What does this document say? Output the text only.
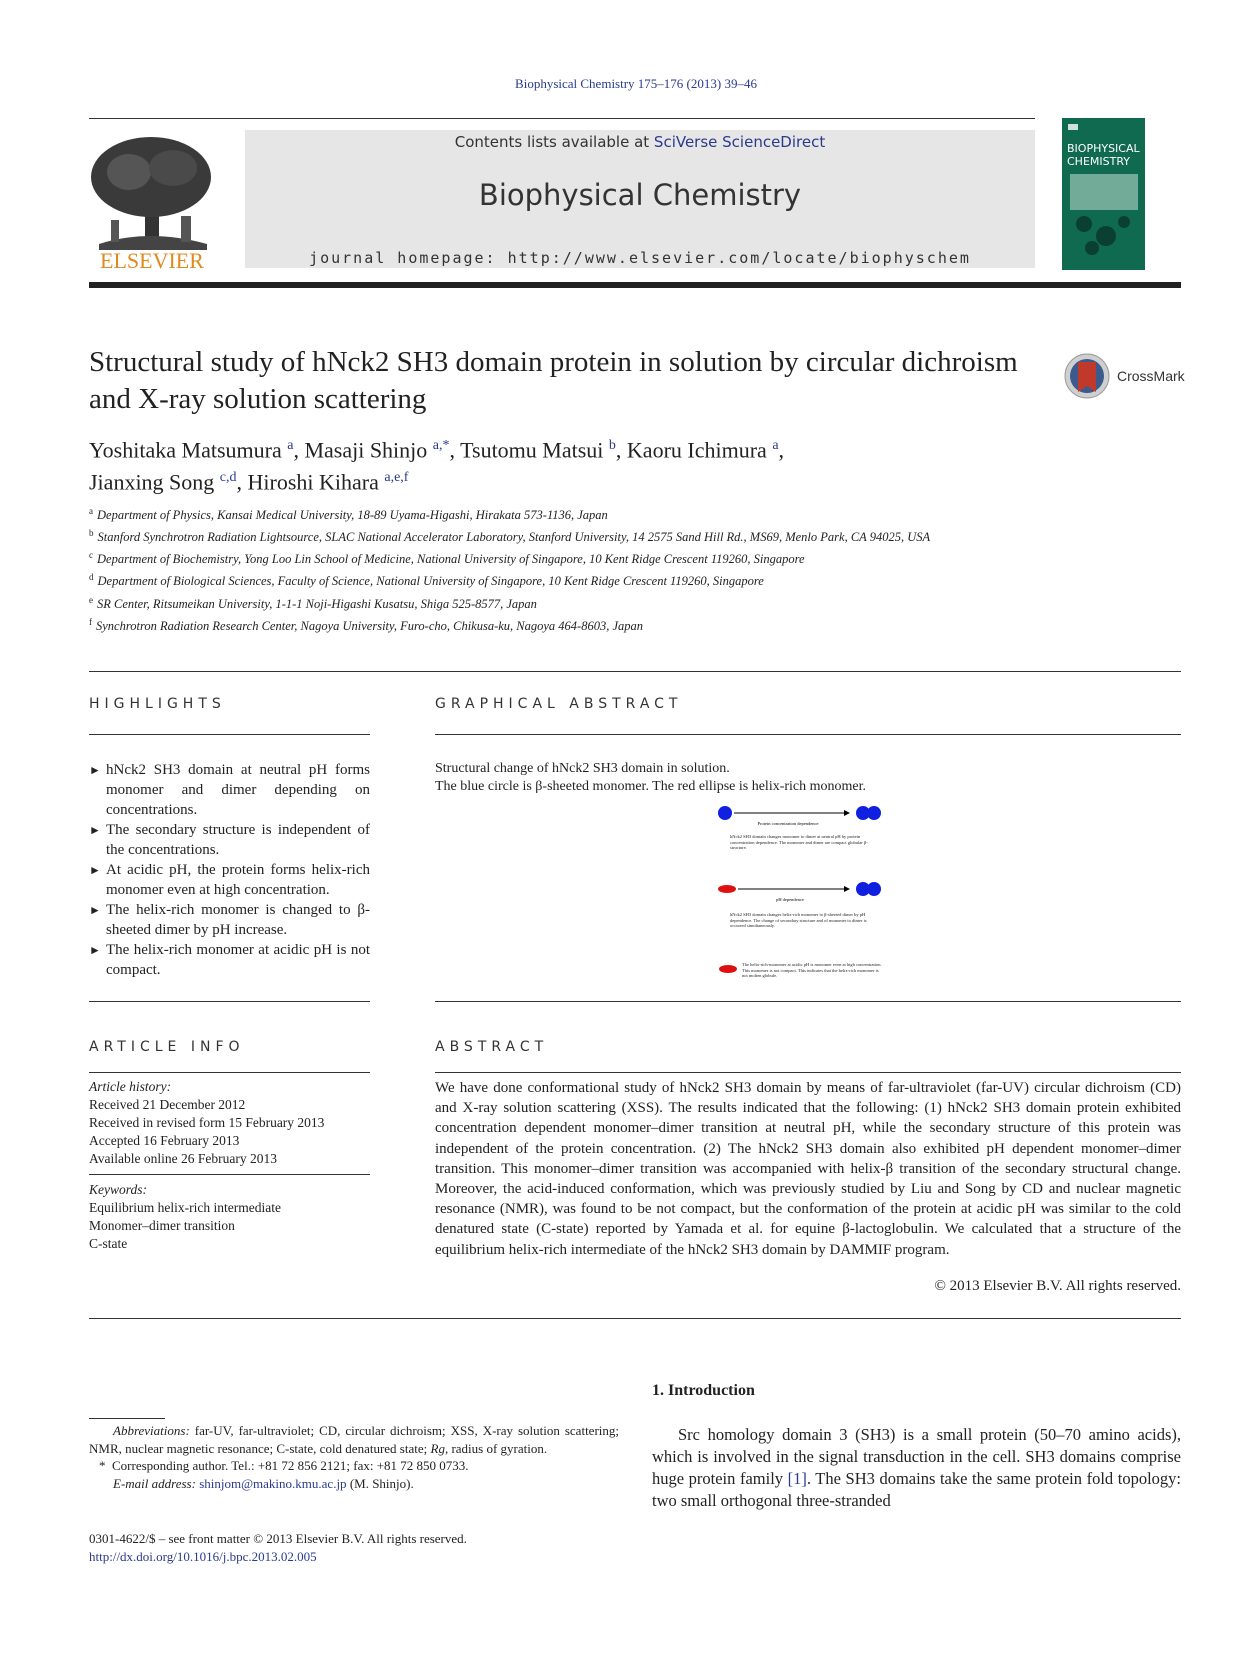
Biophysical Chemistry 175–176 (2013) 39–46
ELSEVIER
Contents lists available at SciVerse ScienceDirect
Biophysical Chemistry
journal homepage: http://www.elsevier.com/locate/biophyschem
BIOPHYSICAL CHEMISTRY
Structural study of hNck2 SH3 domain protein in solution by circular dichroism and X-ray solution scattering
CrossMark
Yoshitaka Matsumura $^a$, Masaji Shinjo $^{a,*}$, Tsutomu Matsui $^b$, Kaoru Ichimura $^a$,
Jianxing Song $^{c,d}$, Hiroshi Kihara $^{a,e,f}$
$^a$ Department of Physics, Kansai Medical University, 18-89 Uyama-Higashi, Hirakata 573-1136, Japan
$^b$ Stanford Synchrotron Radiation Lightsource, SLAC National Accelerator Laboratory, Stanford University, 14 2575 Sand Hill Rd., MS69, Menlo Park, CA 94025, USA
$^c$ Department of Biochemistry, Yong Loo Lin School of Medicine, National University of Singapore, 10 Kent Ridge Crescent 119260, Singapore
$^d$ Department of Biological Sciences, Faculty of Science, National University of Singapore, 10 Kent Ridge Crescent 119260, Singapore
$^e$ SR Center, Ritsumeikan University, 1-1-1 Noji-Higashi Kusatsu, Shiga 525-8577, Japan
$^f$ Synchrotron Radiation Research Center, Nagoya University, Furo-cho, Chikusa-ku, Nagoya 464-8603, Japan
HIGHLIGHTS	GRAPHICAL ABSTRACT
► hNck2 SH3 domain at neutral pH forms monomer and dimer depending on concentrations.
► The secondary structure is independent of the concentrations.
► At acidic pH, the protein forms helix-rich monomer even at high concentration.
► The helix-rich monomer is changed to β-sheeted dimer by pH increase.
► The helix-rich monomer at acidic pH is not compact.
Structural change of hNck2 SH3 domain in solution.
The blue circle is β-sheeted monomer. The red ellipse is helix-rich monomer.
Protein concentration dependence
hNck2 SH3 domain changes monomer to dimer at neutral pH by protein concentration dependence. The monomer and dimer are compact globular β-structure.
pH dependence
hNck2 SH3 domain changes helix-rich monomer to β-sheeted dimer by pH dependence. The change of secondary structure and of monomer to dimer is occurred simultaneously.
The helix-rich-monomer at acidic pH is monomer even at high concentration. This monomer is not compact. This indicates that the helix-rich monomer is not molten globule.
ARTICLE INFO	ABSTRACT
Article history:
Received 21 December 2012
Received in revised form 15 February 2013
Accepted 16 February 2013
Available online 26 February 2013
Keywords:
Equilibrium helix-rich intermediate
Monomer–dimer transition
C-state
We have done conformational study of hNck2 SH3 domain by means of far-ultraviolet (far-UV) circular dichroism (CD) and X-ray solution scattering (XSS). The results indicated that the following: (1) hNck2 SH3 domain protein exhibited concentration dependent monomer–dimer transition at neutral pH, while the secondary structure of this protein was independent of the protein concentration. (2) The hNck2 SH3 domain also exhibited pH dependent monomer–dimer transition. This monomer–dimer transition was accompanied with helix-β transition of the secondary structural change. Moreover, the acid-induced conformation, which was previously studied by Liu and Song by CD and nuclear magnetic resonance (NMR), was found to be not compact, but the conformation of the protein at acidic pH was similar to the cold denatured state (C-state) reported by Yamada et al. for equine β-lactoglobulin. We calculated that a structure of the equilibrium helix-rich intermediate of the hNck2 SH3 domain by DAMMIF program.
© 2013 Elsevier B.V. All rights reserved.
1. Introduction
Src homology domain 3 (SH3) is a small protein (50–70 amino acids), which is involved in the signal transduction in the cell. SH3 domains comprise huge protein family [1]. The SH3 domains take the same protein fold topology: two small orthogonal three-stranded
Abbreviations: far-UV, far-ultraviolet; CD, circular dichroism; XSS, X-ray solution scattering; NMR, nuclear magnetic resonance; C-state, cold denatured state; Rg, radius of gyration.
*  Corresponding author. Tel.: +81 72 856 2121; fax: +81 72 850 0733.
E-mail address: shinjom@makino.kmu.ac.jp (M. Shinjo).
0301-4622/$ – see front matter © 2013 Elsevier B.V. All rights reserved.
http://dx.doi.org/10.1016/j.bpc.2013.02.005
